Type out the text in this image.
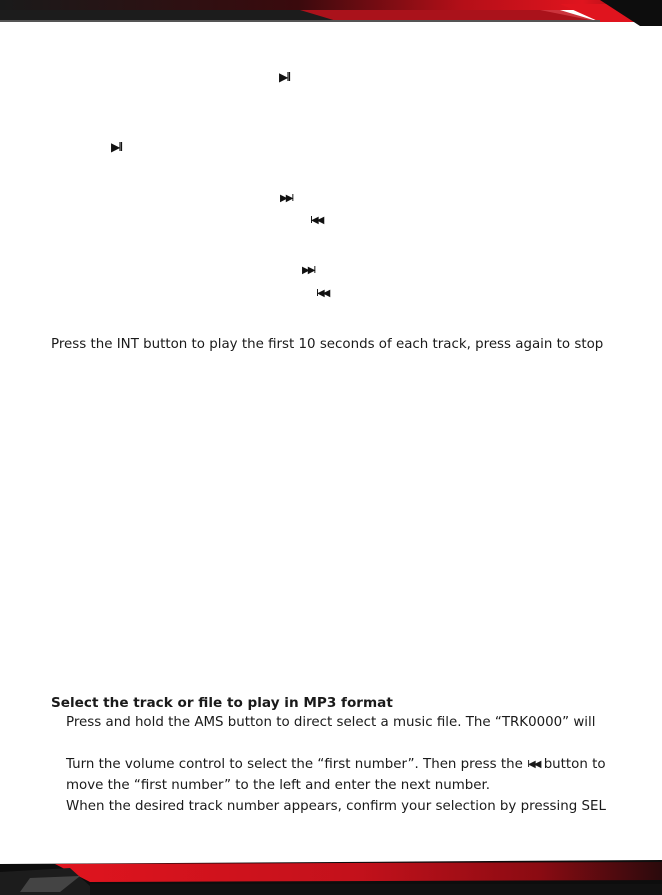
▶II
▶II
▶▶I
I◀◀
▶▶I
I◀◀
Press the INT button to play the first 10 seconds of each track, press again to stop
Select the track or file to play in MP3 format
Press and hold the AMS button to direct select a music file. The “TRK0000” will
Turn the volume control to select the “first number”. Then press the I◀◀ button to
move the “first number” to the left and enter the next number.
When the desired track number appears, confirm your selection by pressing SEL
